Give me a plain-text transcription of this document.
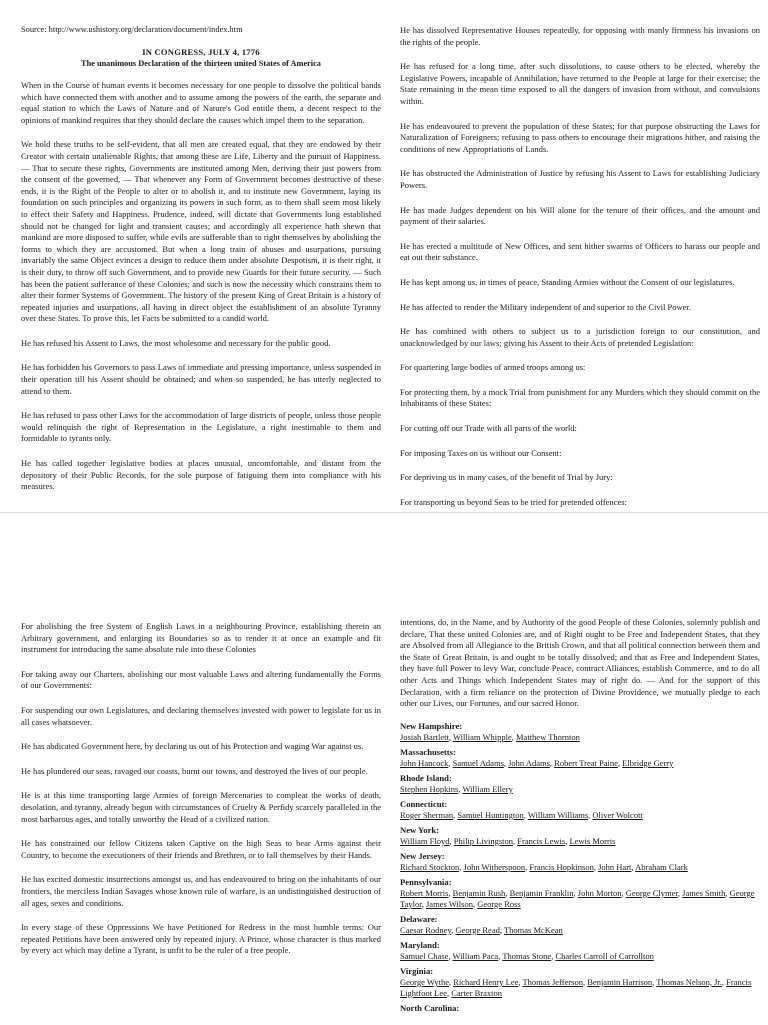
Source: http://www.ushistory.org/declaration/document/index.htm
IN CONGRESS, JULY 4, 1776
The unanimous Declaration of the thirteen united States of America

When in the Course of human events it becomes necessary for one people to dissolve the political bands which have connected them with another and to assume among the powers of the earth, the separate and equal station to which the Laws of Nature and of Nature's God entitle them, a decent respect to the opinions of mankind requires that they should declare the causes which impel them to the separation.

We hold these truths to be self-evident, that all men are created equal, that they are endowed by their Creator with certain unalienable Rights, that among these are Life, Liberty and the pursuit of Happiness. — That to secure these rights, Governments are instituted among Men, deriving their just powers from the consent of the governed, — That whenever any Form of Government becomes destructive of these ends, it is the Right of the People to alter or to abolish it, and to institute new Government, laying its foundation on such principles and organizing its powers in such form, as to them shall seem most likely to effect their Safety and Happiness. Prudence, indeed, will dictate that Governments long established should not be changed for light and transient causes; and accordingly all experience hath shewn that mankind are more disposed to suffer, while evils are sufferable than to right themselves by abolishing the forms to which they are accustomed. But when a long train of abuses and usurpations, pursuing invariably the same Object evinces a design to reduce them under absolute Despotism, it is their right, it is their duty, to throw off such Government, and to provide new Guards for their future security. — Such has been the patient sufferance of these Colonies; and such is now the necessity which constrains them to alter their former Systems of Government. The history of the present King of Great Britain is a history of repeated injuries and usurpations, all having in direct object the establishment of an absolute Tyranny over these States. To prove this, let Facts be submitted to a candid world.

He has refused his Assent to Laws, the most wholesome and necessary for the public good.

He has forbidden his Governors to pass Laws of immediate and pressing importance, unless suspended in their operation till his Assent should be obtained; and when so suspended, he has utterly neglected to attend to them.

He has refused to pass other Laws for the accommodation of large districts of people, unless those people would relinquish the right of Representation in the Legislature, a right inestimable to them and formidable to tyrants only.

He has called together legislative bodies at places unusual, uncomfortable, and distant from the depository of their Public Records, for the sole purpose of fatiguing them into compliance with his measures.

He has dissolved Representative Houses repeatedly, for opposing with manly firmness his invasions on the rights of the people.

He has refused for a long time, after such dissolutions, to cause others to be elected, whereby the Legislative Powers, incapable of Annihilation, have returned to the People at large for their exercise; the State remaining in the mean time exposed to all the dangers of invasion from without, and convulsions within.

He has endeavoured to prevent the population of these States; for that purpose obstructing the Laws for Naturalization of Foreigners; refusing to pass others to encourage their migrations hither, and raising the conditions of new Appropriations of Lands.

He has obstructed the Administration of Justice by refusing his Assent to Laws for establishing Judiciary Powers.

He has made Judges dependent on his Will alone for the tenure of their offices, and the amount and payment of their salaries.

He has erected a multitude of New Offices, and sent hither swarms of Officers to harass our people and eat out their substance.

He has kept among us, in times of peace, Standing Armies without the Consent of our legislatures.

He has affected to render the Military independent of and superior to the Civil Power.

He has combined with others to subject us to a jurisdiction foreign to our constitution, and unacknowledged by our laws; giving his Assent to their Acts of pretended Legislation:

For quartering large bodies of armed troops among us:

For protecting them, by a mock Trial from punishment for any Murders which they should commit on the Inhabitants of these States:

For cutting off our Trade with all parts of the world:

For imposing Taxes on us without our Consent:

For depriving us in many cases, of the benefit of Trial by Jury:

For transporting us beyond Seas to be tried for pretended offences:

For abolishing the free System of English Laws in a neighbouring Province, establishing therein an Arbitrary government, and enlarging its Boundaries so as to render it at once an example and fit instrument for introducing the same absolute rule into these Colonies

For taking away our Charters, abolishing our most valuable Laws and altering fundamentally the Forms of our Governments:

For suspending our own Legislatures, and declaring themselves invested with power to legislate for us in all cases whatsoever.

He has abdicated Government here, by declaring us out of his Protection and waging War against us.

He has plundered our seas, ravaged our coasts, burnt our towns, and destroyed the lives of our people.

He is at this time transporting large Armies of foreign Mercenaries to compleat the works of death, desolation, and tyranny, already begun with circumstances of Cruelty & Perfidy scarcely paralleled in the most barbarous ages, and totally unworthy the Head of a civilized nation.

He has constrained our fellow Citizens taken Captive on the high Seas to bear Arms against their Country, to become the executioners of their friends and Brethren, or to fall themselves by their Hands.

He has excited domestic insurrections amongst us, and has endeavoured to bring on the inhabitants of our frontiers, the merciless Indian Savages whose known rule of warfare, is an undistinguished destruction of all ages, sexes and conditions.

In every stage of these Oppressions We have Petitioned for Redress in the most humble terms: Our repeated Petitions have been answered only by repeated injury. A Prince, whose character is thus marked by every act which may define a Tyrant, is unfit to be the ruler of a free people.

intentions, do, in the Name, and by Authority of the good People of these Colonies, solemnly publish and declare, That these united Colonies are, and of Right ought to be Free and Independent States, that they are Absolved from all Allegiance to the British Crown, and that all political connection between them and the State of Great Britain, is and ought to be totally dissolved; and that as Free and Independent States, they have full Power to levy War, conclude Peace, contract Alliances, establish Commerce, and to do all other Acts and Things which Independent States may of right do. — And for the support of this Declaration, with a firm reliance on the protection of Divine Providence, we mutually pledge to each other our Lives, our Fortunes, and our sacred Honor.

New Hampshire:
Josiah Bartlett, William Whipple, Matthew Thornton
Massachusetts:
John Hancock, Samuel Adams, John Adams, Robert Treat Paine, Elbridge Gerry
Rhode Island:
Stephen Hopkins, William Ellery
Connecticut:
Roger Sherman, Samuel Huntington, William Williams, Oliver Wolcott
New York:
William Floyd, Philip Livingston, Francis Lewis, Lewis Morris
New Jersey:
Richard Stockton, John Witherspoon, Francis Hopkinson, John Hart, Abraham Clark
Pennsylvania:
Robert Morris, Benjamin Rush, Benjamin Franklin, John Morton, George Clymer, James Smith, George Taylor, James Wilson, George Ross
Delaware:
Caesar Rodney, George Read, Thomas McKean
Maryland:
Samuel Chase, William Paca, Thomas Stone, Charles Carroll of Carrollton
Virginia:
George Wythe, Richard Henry Lee, Thomas Jefferson, Benjamin Harrison, Thomas Nelson, Jr., Francis Lightfoot Lee, Carter Braxton
North Carolina:
